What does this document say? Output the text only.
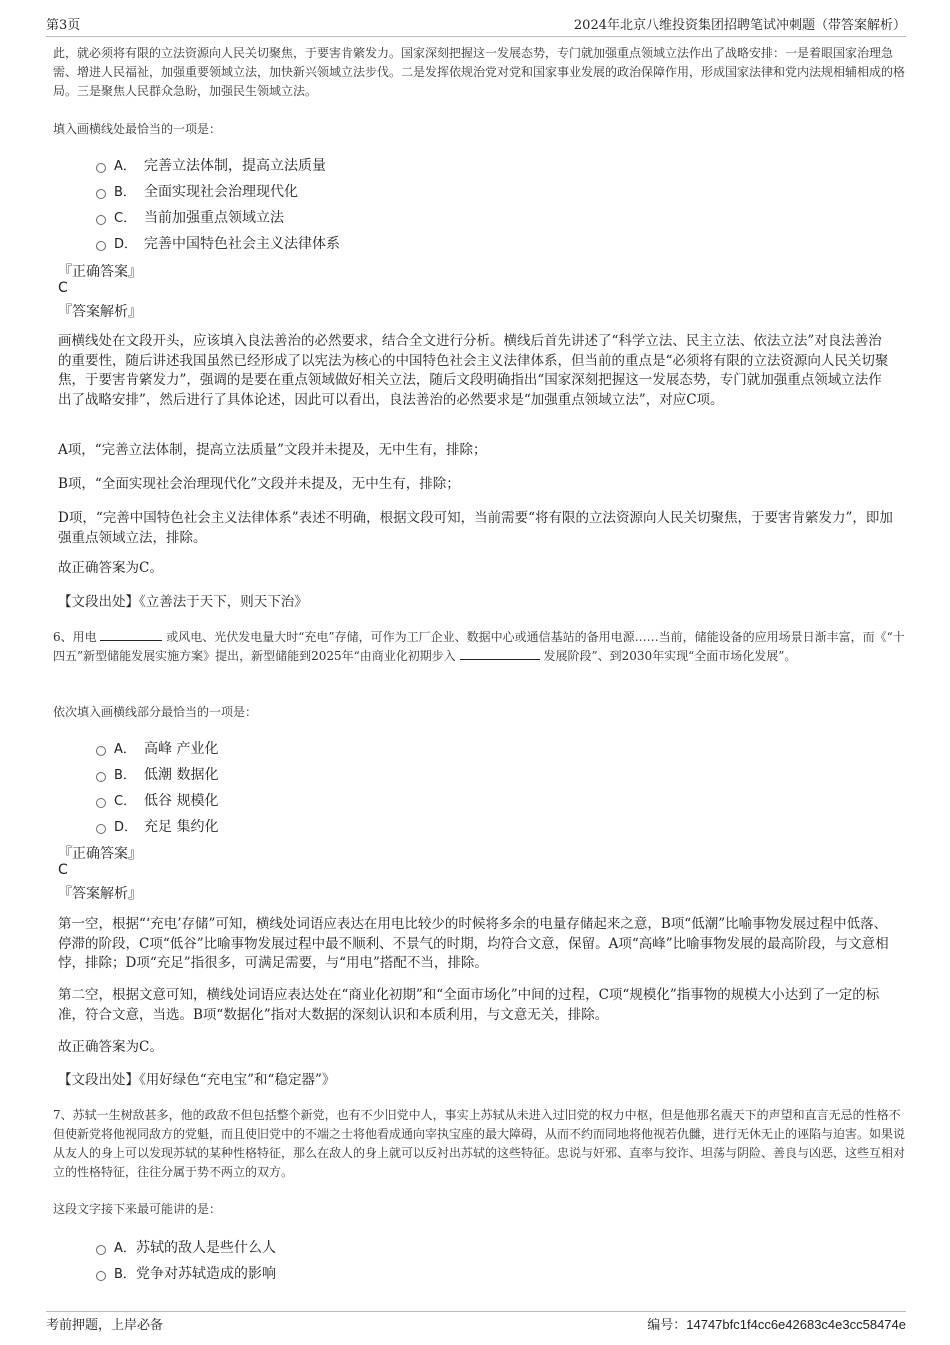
第3页	2024年北京八维投资集团招聘笔试冲刺题（带答案解析）
此，就必须将有限的立法资源向人民关切聚焦，于要害肯綮发力。国家深刻把握这一发展态势，专门就加强重点领域立法作出了战略安排：一是着眼国家治理急需、增进人民福祉，加强重要领域立法，加快新兴领域立法步伐。二是发挥依规治党对党和国家事业发展的政治保障作用，形成国家法律和党内法规相辅相成的格局。三是聚焦人民群众急盼，加强民生领域立法。
填入画横线处最恰当的一项是：
A． 完善立法体制，提高立法质量
B． 全面实现社会治理现代化
C． 当前加强重点领域立法
D． 完善中国特色社会主义法律体系
『正确答案』
C
『答案解析』
画横线处在文段开头，应该填入良法善治的必然要求，结合全文进行分析。横线后首先讲述了“科学立法、民主立法、依法立法”对良法善治的重要性，随后讲述我国虽然已经形成了以宪法为核心的中国特色社会主义法律体系，但当前的重点是“必须将有限的立法资源向人民关切聚焦，于要害肯綮发力”，强调的是要在重点领域做好相关立法，随后文段明确指出“国家深刻把握这一发展态势，专门就加强重点领域立法作出了战略安排”，然后进行了具体论述，因此可以看出，良法善治的必然要求是“加强重点领域立法”，对应C项。
A项，“完善立法体制，提高立法质量”文段并未提及，无中生有，排除；
B项，“全面实现社会治理现代化”文段并未提及，无中生有，排除；
D项，“完善中国特色社会主义法律体系”表述不明确，根据文段可知，当前需要“将有限的立法资源向人民关切聚焦，于要害肯綮发力”，即加强重点领域立法，排除。
故正确答案为C。
【文段出处】《立善法于天下，则天下治》
6、用电	或风电、光伏发电量大时“充电”存储，可作为工厂企业、数据中心或通信基站的备用电源……当前，储能设备的应用场景日渐丰富，而《“十四五”新型储能发展实施方案》提出，新型储能到2025年“由商业化初期步入	发展阶段”、到2030年实现“全面市场化发展”。
依次填入画横线部分最恰当的一项是：
A． 高峰 产业化
B． 低潮 数据化
C． 低谷 规模化
D． 充足 集约化
『正确答案』
C
『答案解析』
第一空，根据“‘充电’存储”可知，横线处词语应表达在用电比较少的时候将多余的电量存储起来之意，B项“低潮”比喻事物发展过程中低落、停滞的阶段，C项“低谷”比喻事物发展过程中最不顺利、不景气的时期，均符合文意，保留。A项“高峰”比喻事物发展的最高阶段，与文意相悖，排除；D项“充足”指很多，可满足需要，与“用电”搭配不当，排除。
第二空，根据文意可知，横线处词语应表达处在“商业化初期”和“全面市场化”中间的过程，C项“规模化”指事物的规模大小达到了一定的标准，符合文意，当选。B项“数据化”指对大数据的深刻认识和本质利用，与文意无关，排除。
故正确答案为C。
【文段出处】《用好绿色“充电宝”和“稳定器”》
7、苏轼一生树敌甚多，他的政敌不但包括整个新党，也有不少旧党中人，事实上苏轼从未进入过旧党的权力中枢，但是他那名震天下的声望和直言无忌的性格不但使新党将他视同敌方的党魁，而且使旧党中的不端之士将他看成通向宰执宝座的最大障碍，从而不约而同地将他视若仇雠，进行无休无止的诬陷与迫害。如果说从友人的身上可以发现苏轼的某种性格特征，那么在敌人的身上就可以反衬出苏轼的这些特征。忠说与奸邪、直率与狡诈、坦荡与阴险、善良与凶恶，这些互相对立的性格特征，往往分属于势不两立的双方。
这段文字接下来最可能讲的是：
A．苏轼的敌人是些什么人
B．党争对苏轼造成的影响
考前押题，上岸必备	编号：14747bfc1f4cc6e42683c4e3cc58474e
